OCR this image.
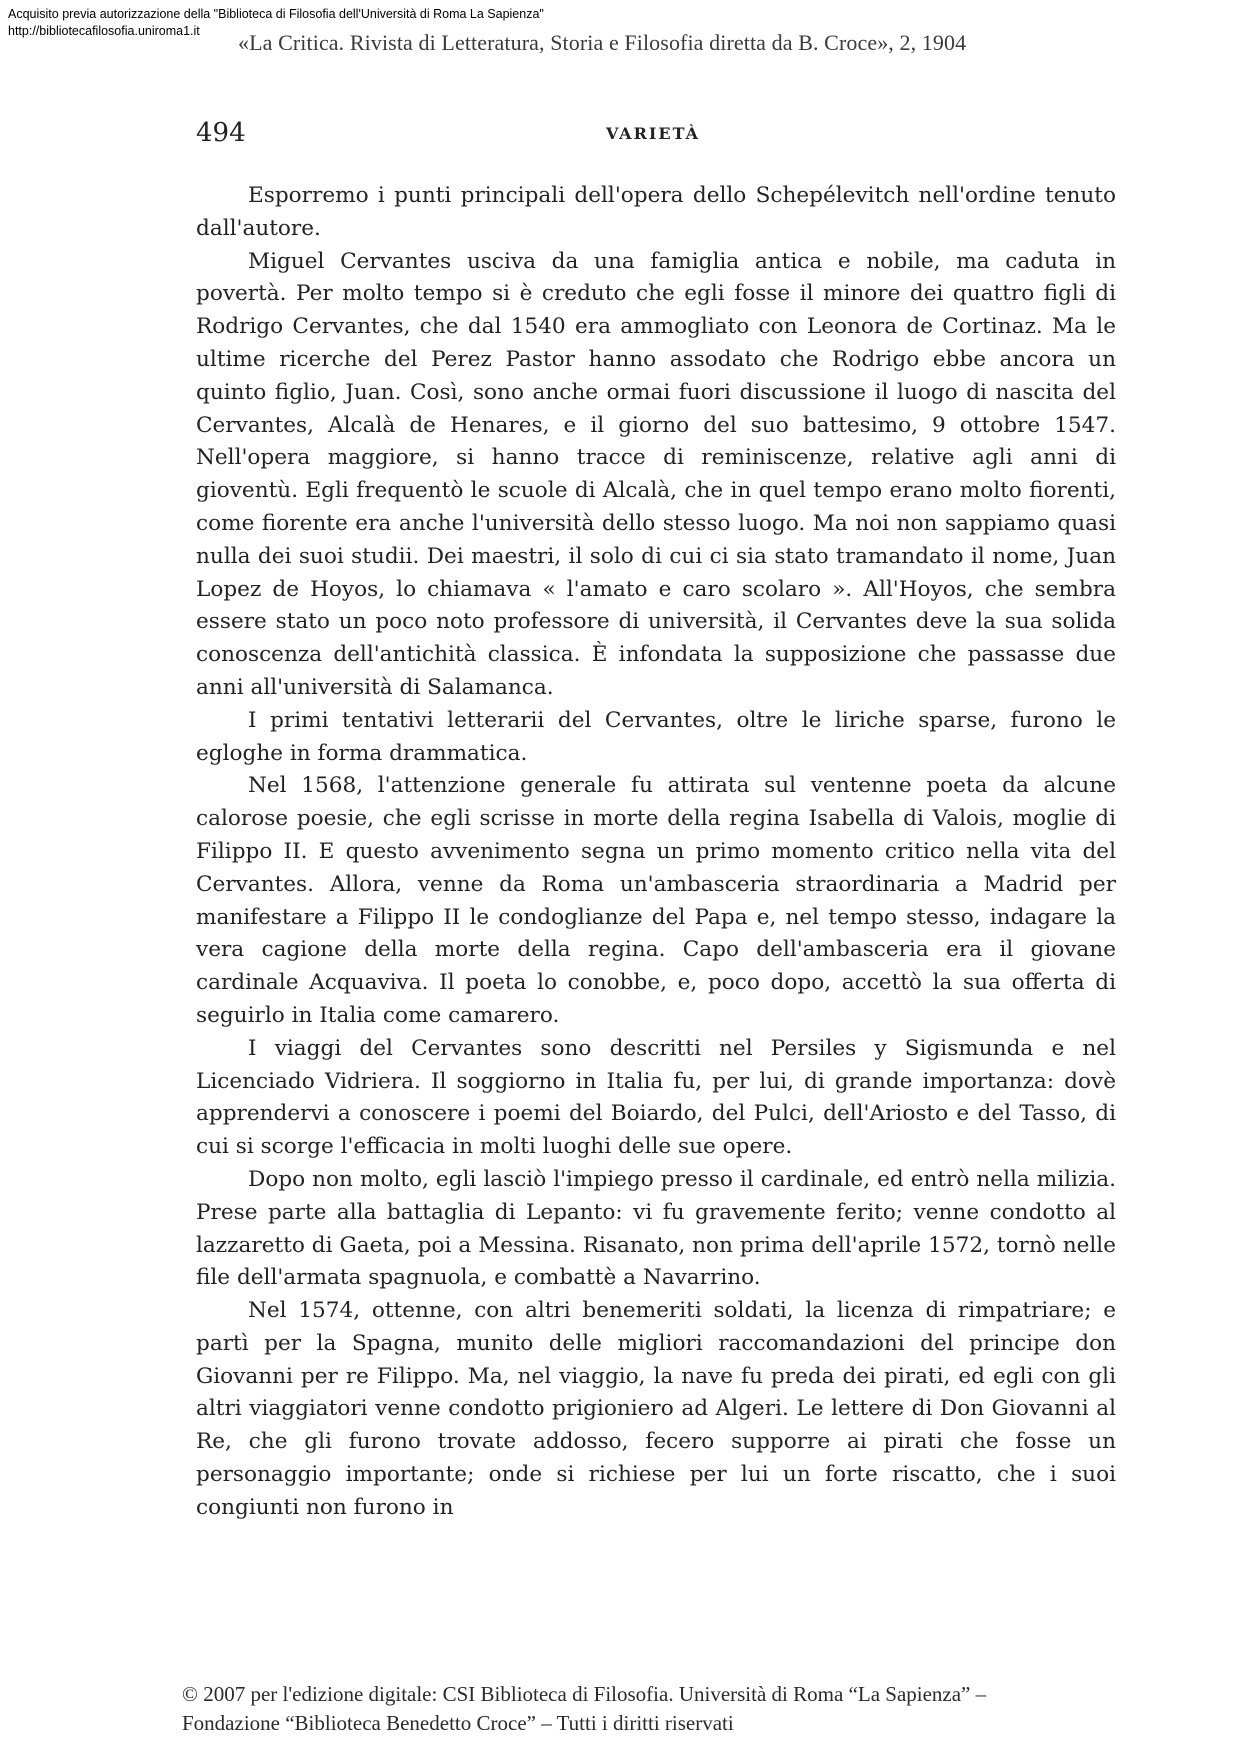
Acquisito previa autorizzazione della "Biblioteca di Filosofia dell'Università di Roma La Sapienza"
http://bibliotecafilosofia.uniroma1.it	«La Critica. Rivista di Letteratura, Storia e Filosofia diretta da B. Croce», 2, 1904
494	VARIETÀ

Esporremo i punti principali dell'opera dello Schepélevitch nell'ordine tenuto dall'autore.

Miguel Cervantes usciva da una famiglia antica e nobile, ma caduta in povertà. Per molto tempo si è creduto che egli fosse il minore dei quattro figli di Rodrigo Cervantes, che dal 1540 era ammogliato con Leonora de Cortinaz. Ma le ultime ricerche del Perez Pastor hanno assodato che Rodrigo ebbe ancora un quinto figlio, Juan. Così, sono anche ormai fuori discussione il luogo di nascita del Cervantes, Alcalà de Henares, e il giorno del suo battesimo, 9 ottobre 1547. Nell'opera maggiore, si hanno tracce di reminiscenze, relative agli anni di gioventù. Egli frequentò le scuole di Alcalà, che in quel tempo erano molto fiorenti, come fiorente era anche l'università dello stesso luogo. Ma noi non sappiamo quasi nulla dei suoi studii. Dei maestri, il solo di cui ci sia stato tramandato il nome, Juan Lopez de Hoyos, lo chiamava « l'amato e caro scolaro ». All'Hoyos, che sembra essere stato un poco noto professore di università, il Cervantes deve la sua solida conoscenza dell'antichità classica. È infondata la supposizione che passasse due anni all'università di Salamanca.

I primi tentativi letterarii del Cervantes, oltre le liriche sparse, furono le egloghe in forma drammatica.

Nel 1568, l'attenzione generale fu attirata sul ventenne poeta da alcune calorose poesie, che egli scrisse in morte della regina Isabella di Valois, moglie di Filippo II. E questo avvenimento segna un primo momento critico nella vita del Cervantes. Allora, venne da Roma un'ambasceria straordinaria a Madrid per manifestare a Filippo II le condoglianze del Papa e, nel tempo stesso, indagare la vera cagione della morte della regina. Capo dell'ambasceria era il giovane cardinale Acquaviva. Il poeta lo conobbe, e, poco dopo, accettò la sua offerta di seguirlo in Italia come camarero.

I viaggi del Cervantes sono descritti nel Persiles y Sigismunda e nel Licenciado Vidriera. Il soggiorno in Italia fu, per lui, di grande importanza: dovè apprendervi a conoscere i poemi del Boiardo, del Pulci, dell'Ariosto e del Tasso, di cui si scorge l'efficacia in molti luoghi delle sue opere.

Dopo non molto, egli lasciò l'impiego presso il cardinale, ed entrò nella milizia. Prese parte alla battaglia di Lepanto: vi fu gravemente ferito; venne condotto al lazzaretto di Gaeta, poi a Messina. Risanato, non prima dell'aprile 1572, tornò nelle file dell'armata spagnuola, e combattè a Navarrino.

Nel 1574, ottenne, con altri benemeriti soldati, la licenza di rimpatriare; e partì per la Spagna, munito delle migliori raccomandazioni del principe don Giovanni per re Filippo. Ma, nel viaggio, la nave fu preda dei pirati, ed egli con gli altri viaggiatori venne condotto prigioniero ad Algeri. Le lettere di Don Giovanni al Re, che gli furono trovate addosso, fecero supporre ai pirati che fosse un personaggio importante; onde si richiese per lui un forte riscatto, che i suoi congiunti non furono in

© 2007 per l'edizione digitale: CSI Biblioteca di Filosofia. Università di Roma “La Sapienza” –
Fondazione “Biblioteca Benedetto Croce” – Tutti i diritti riservati
